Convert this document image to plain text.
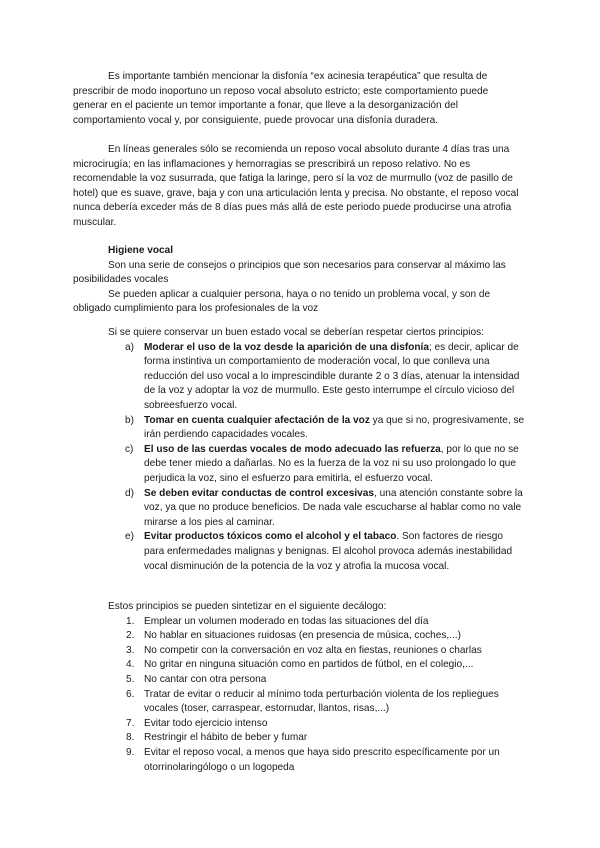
Es importante también mencionar la disfonía “ex acinesia terapéutica” que resulta de prescribir de modo inoportuno un reposo vocal absoluto estricto; este comportamiento puede generar en el paciente un temor importante a fonar, que lleve a la desorganización del comportamiento vocal y, por consiguiente, puede provocar una disfonía duradera.

En líneas generales sólo se recomienda un reposo vocal absoluto durante 4 días tras una microcirugía; en las inflamaciones y hemorragias se prescribirá un reposo relativo. No es recomendable la voz susurrada, que fatiga la laringe, pero sí la voz de murmullo (voz de pasillo de hotel) que es suave, grave, baja y con una articulación lenta y precisa. No obstante, el reposo vocal nunca debería exceder más de 8 días pues más allá de este periodo puede producirse una atrofia muscular.

Higiene vocal

Son una serie de consejos o principios que son necesarios para conservar al máximo las posibilidades vocales

Se pueden aplicar a cualquier persona, haya o no tenido un problema vocal, y son de obligado cumplimiento para los profesionales de la voz

Si se quiere conservar un buen estado vocal se deberían respetar ciertos principios:

a) Moderar el uso de la voz desde la aparición de una disfonía; es decir, aplicar de forma instintiva un comportamiento de moderación vocal, lo que conlleva una reducción del uso vocal a lo imprescindible durante 2 o 3 días, atenuar la intensidad de la voz y adoptar la voz de murmullo. Este gesto interrumpe el círculo vicioso del sobreesfuerzo vocal.
b) Tomar en cuenta cualquier afectación de la voz ya que si no, progresivamente, se irán perdiendo capacidades vocales.
c) El uso de las cuerdas vocales de modo adecuado las refuerza, por lo que no se debe tener miedo a dañarlas. No es la fuerza de la voz ni su uso prolongado lo que perjudica la voz, sino el esfuerzo para emitirla, el esfuerzo vocal.
d) Se deben evitar conductas de control excesivas, una atención constante sobre la voz, ya que no produce beneficios. De nada vale escucharse al hablar como no vale mirarse a los pies al caminar.
e) Evitar productos tóxicos como el alcohol y el tabaco. Son factores de riesgo para enfermedades malignas y benignas. El alcohol provoca además inestabilidad vocal disminución de la potencia de la voz y atrofia la mucosa vocal.

Estos principios se pueden sintetizar en el siguiente decálogo:

1. Emplear un volumen moderado en todas las situaciones del día
2. No hablar en situaciones ruidosas (en presencia de música, coches,...)
3. No competir con la conversación en voz alta en fiestas, reuniones o charlas
4. No gritar en ninguna situación como en partidos de fútbol, en el colegio,...
5. No cantar con otra persona
6. Tratar de evitar o reducir al mínimo toda perturbación violenta de los repliegues vocales (toser, carraspear, estornudar, llantos, risas,...)
7. Evitar todo ejercicio intenso
8. Restringir el hábito de beber y fumar
9. Evitar el reposo vocal, a menos que haya sido prescrito específicamente por un otorrinolaringólogo o un logopeda
